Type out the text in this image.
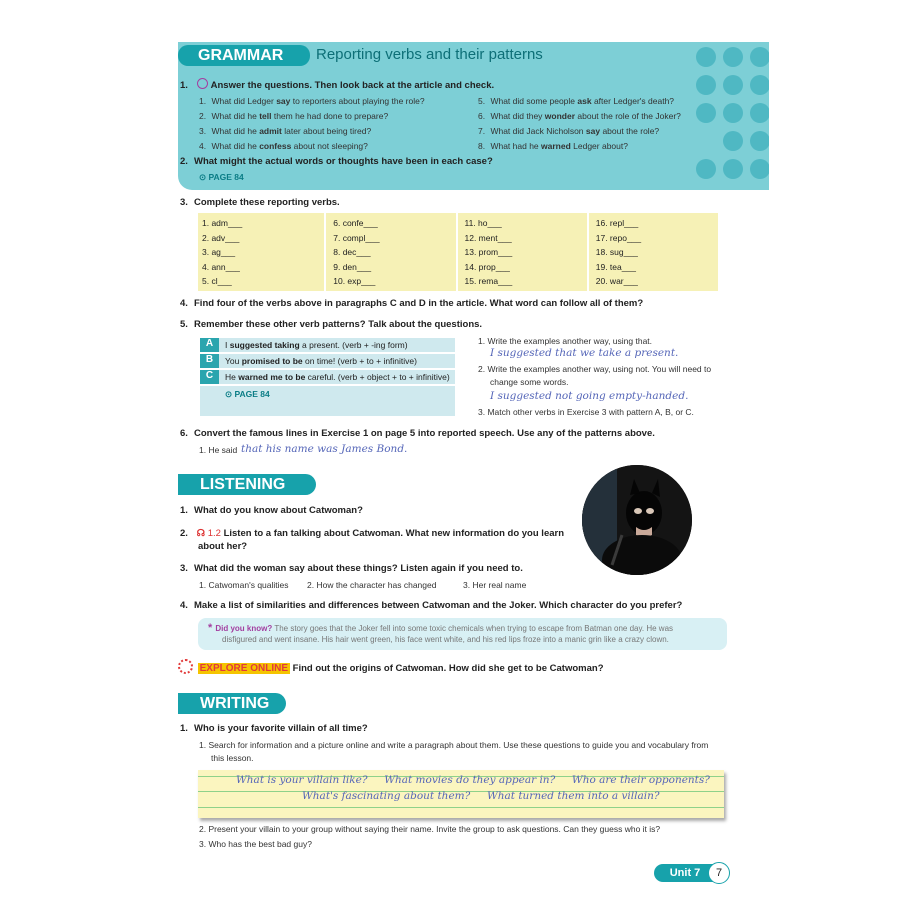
GRAMMAR	Reporting verbs and their patterns
1. Answer the questions. Then look back at the article and check.
1. What did Ledger say to reporters about playing the role?
2. What did he tell them he had done to prepare?
3. What did he admit later about being tired?
4. What did he confess about not sleeping?
5. What did some people ask after Ledger's death?
6. What did they wonder about the role of the Joker?
7. What did Jack Nicholson say about the role?
8. What had he warned Ledger about?
2. What might the actual words or thoughts have been in each case?
⊙ PAGE 84
3. Complete these reporting verbs.
1. adm___
2. adv___
3. ag___
4. ann___
5. cl___
6. confe___
7. compl___
8. dec___
9. den___
10. exp___
11. ho___
12. ment___
13. prom___
14. prop___
15. rema___
16. repl___
17. repo___
18. sug___
19. tea___
20. war___
4. Find four of the verbs above in paragraphs C and D in the article. What word can follow all of them?
5. Remember these other verb patterns? Talk about the questions.
A	I suggested taking a present. (verb + -ing form)
B	You promised to be on time! (verb + to + infinitive)
C	He warned me to be careful. (verb + object + to + infinitive)
⊙ PAGE 84
1. Write the examples another way, using that.
I suggested that we take a present.
2. Write the examples another way, using not. You will need to
change some words.
I suggested not going empty-handed.
3. Match other verbs in Exercise 3 with pattern A, B, or C.
6. Convert the famous lines in Exercise 1 on page 5 into reported speech. Use any of the patterns above.
1. He said that his name was James Bond.
LISTENING
1. What do you know about Catwoman?
2. ☊ 1.2 Listen to a fan talking about Catwoman. What new information do you learn
about her?
3. What did the woman say about these things? Listen again if you need to.
1. Catwoman's qualities 2. How the character has changed	3. Her real name
4. Make a list of similarities and differences between Catwoman and the Joker. Which character do you prefer?
* Did you know? The story goes that the Joker fell into some toxic chemicals when trying to escape from Batman one day. He was
disfigured and went insane. His hair went green, his face went white, and his red lips froze into a manic grin like a crazy clown.
EXPLORE ONLINE Find out the origins of Catwoman. How did she get to be Catwoman?
WRITING
1. Who is your favorite villain of all time?
1. Search for information and a picture online and write a paragraph about them. Use these questions to guide you and vocabulary from
this lesson.
What is your villain like? What movies do they appear in? Who are their opponents?
What's fascinating about them? What turned them into a villain?
2. Present your villain to your group without saying their name. Invite the group to ask questions. Can they guess who it is?
3. Who has the best bad guy?
Unit 7	7
